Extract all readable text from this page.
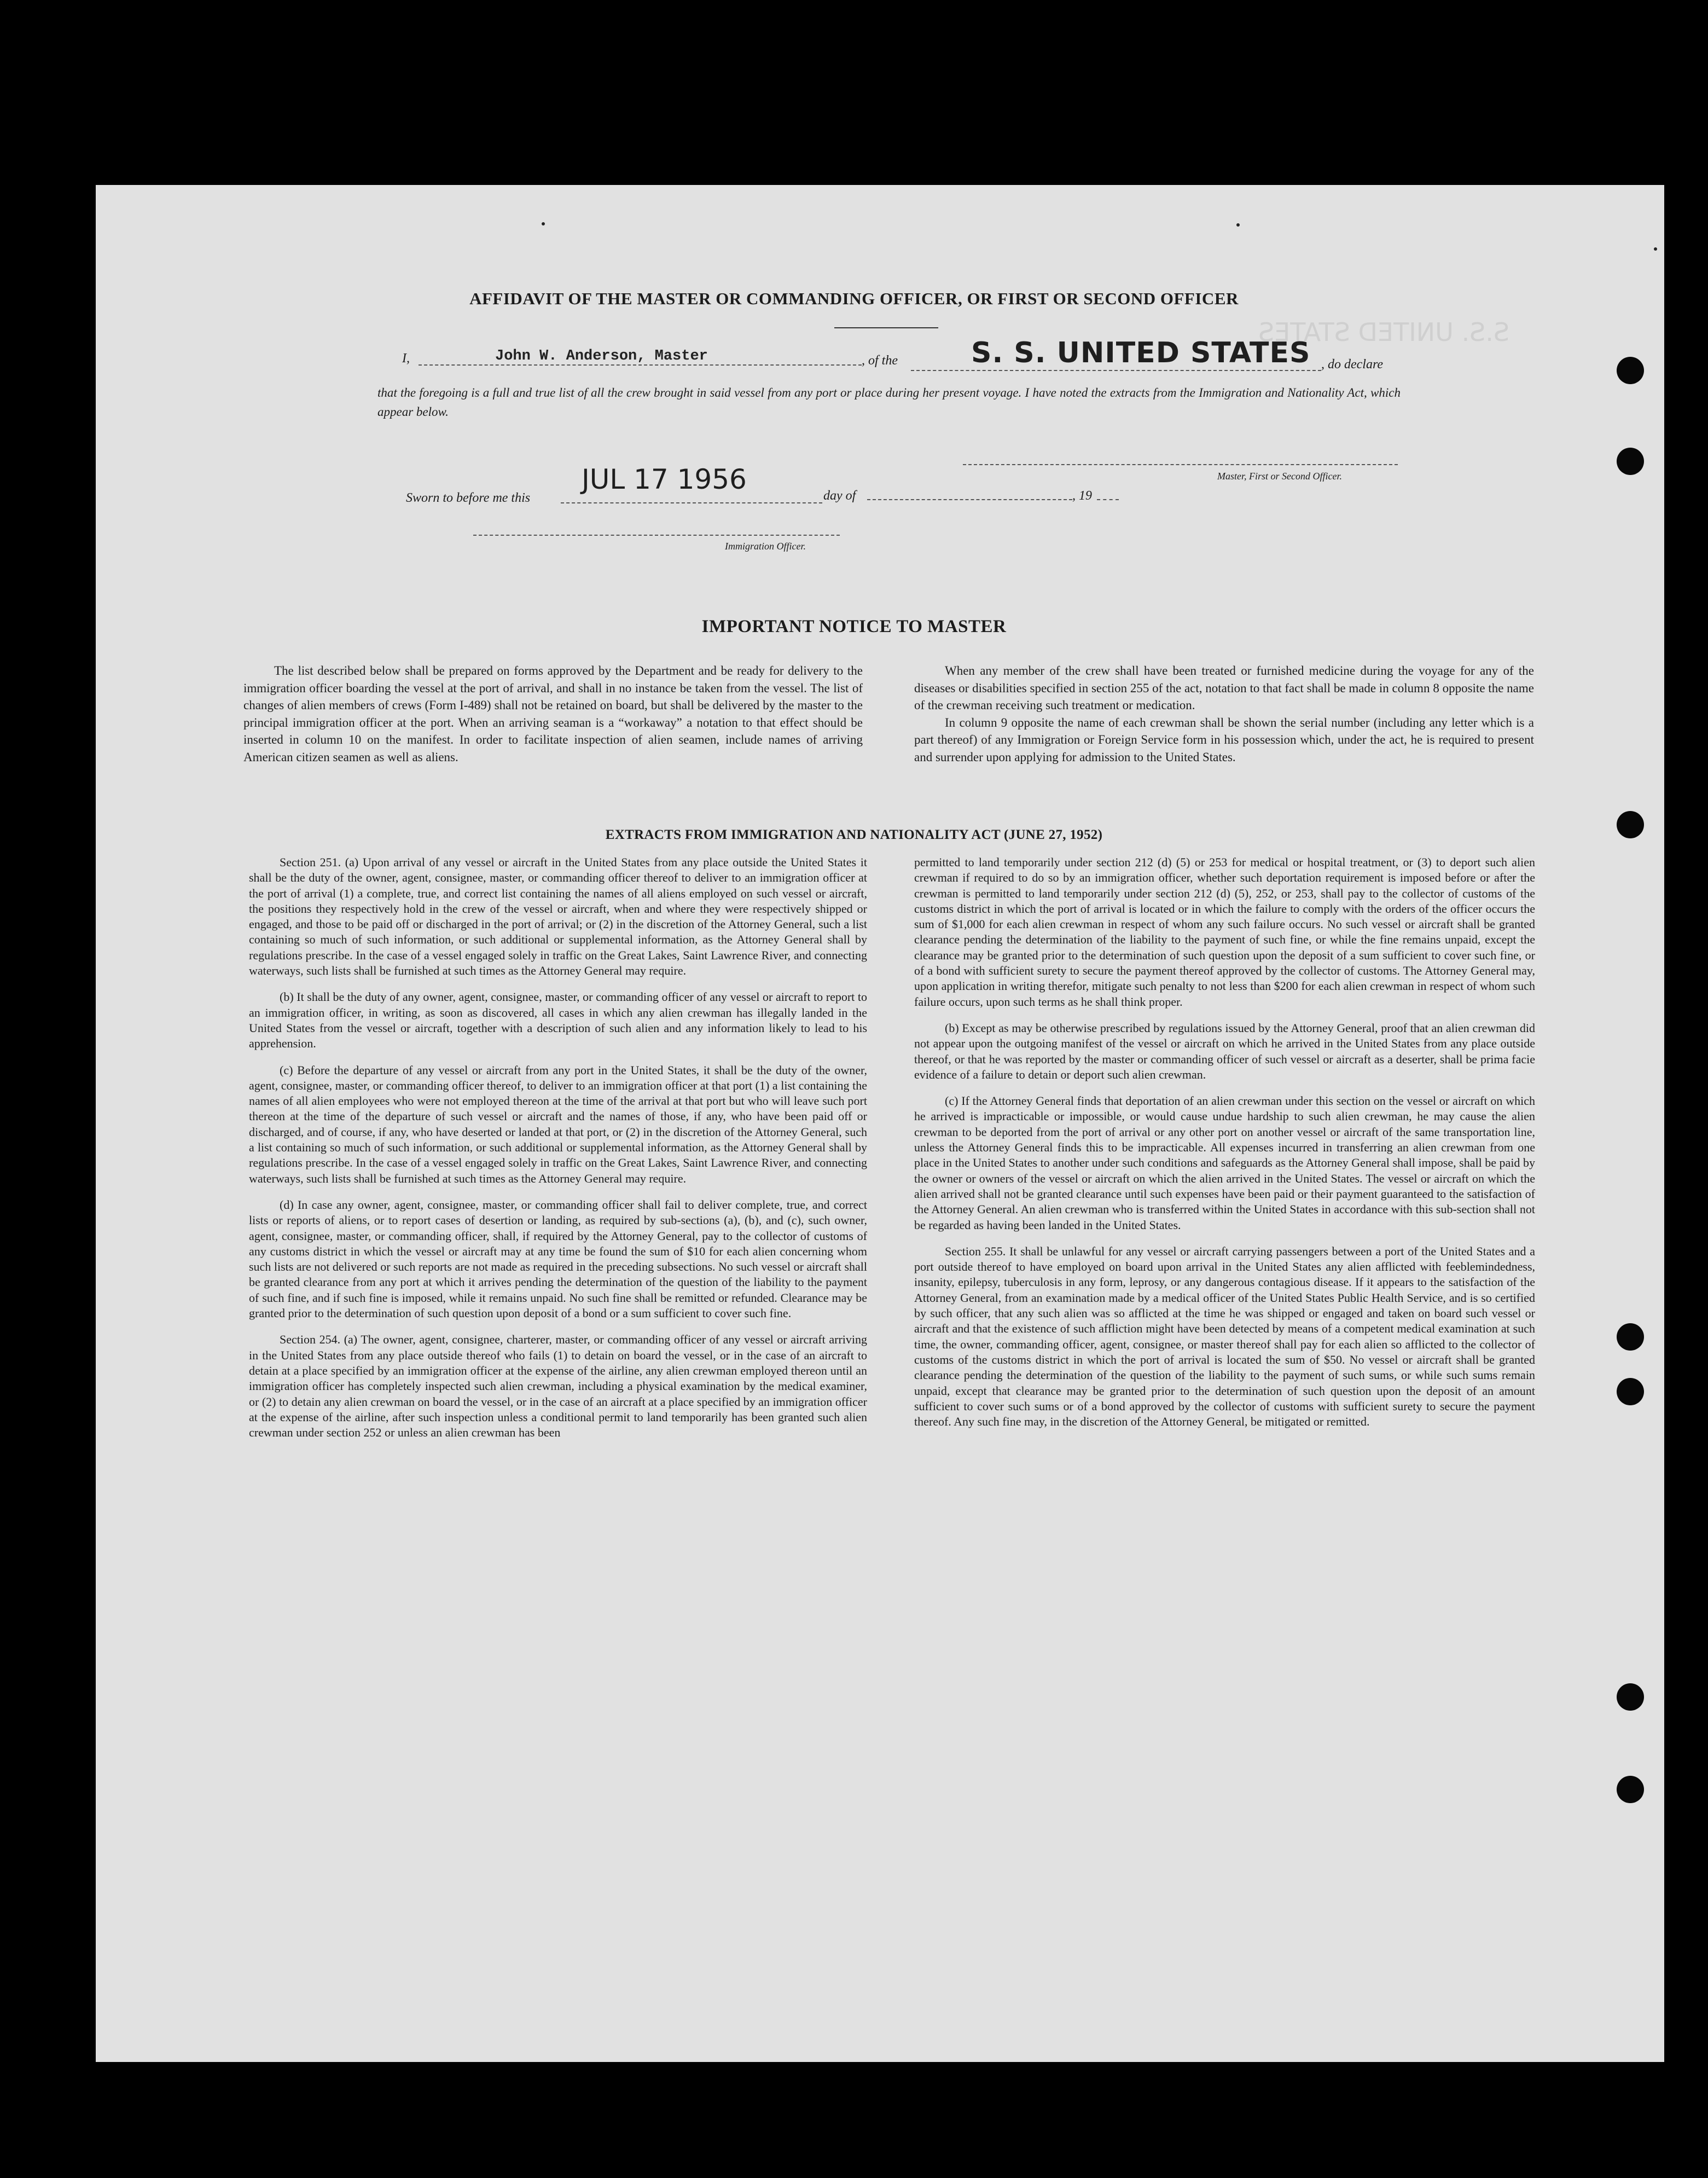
S.S. UNITED STATES
AFFIDAVIT OF THE MASTER OR COMMANDING OFFICER, OR FIRST OR SECOND OFFICER
I,	John W. Anderson, Master	, of the	S. S. UNITED STATES , do declare
that the foregoing is a full and true list of all the crew brought in said vessel from any port or place during her present voyage. I have noted the extracts from the Immigration and Nationality Act, which appear below.
Master, First or Second Officer.
Sworn to before me this
JUL 17 1956
day of	, 19
Immigration Officer.
IMPORTANT NOTICE TO MASTER

The list described below shall be prepared on forms approved by the Department and be ready for delivery to the immigration officer boarding the vessel at the port of arrival, and shall in no instance be taken from the vessel. The list of changes of alien members of crews (Form I-489) shall not be retained on board, but shall be delivered by the master to the principal immigration officer at the port. When an arriving seaman is a “workaway” a notation to that effect should be inserted in column 10 on the manifest. In order to facilitate inspection of alien seamen, include names of arriving American citizen seamen as well as aliens.

When any member of the crew shall have been treated or furnished medicine during the voyage for any of the diseases or disabilities specified in section 255 of the act, notation to that fact shall be made in column 8 opposite the name of the crewman receiving such treatment or medication.

In column 9 opposite the name of each crewman shall be shown the serial number (including any letter which is a part thereof) of any Immigration or Foreign Service form in his possession which, under the act, he is required to present and surrender upon applying for admission to the United States.

EXTRACTS FROM IMMIGRATION AND NATIONALITY ACT (JUNE 27, 1952)

Section 251. (a) Upon arrival of any vessel or aircraft in the United States from any place outside the United States it shall be the duty of the owner, agent, consignee, master, or commanding officer thereof to deliver to an immigration officer at the port of arrival (1) a complete, true, and correct list containing the names of all aliens employed on such vessel or aircraft, the positions they respectively hold in the crew of the vessel or aircraft, when and where they were respectively shipped or engaged, and those to be paid off or discharged in the port of arrival; or (2) in the discretion of the Attorney General, such a list containing so much of such information, or such additional or supplemental information, as the Attorney General shall by regulations prescribe. In the case of a vessel engaged solely in traffic on the Great Lakes, Saint Lawrence River, and connecting waterways, such lists shall be furnished at such times as the Attorney General may require.

(b) It shall be the duty of any owner, agent, consignee, master, or commanding officer of any vessel or aircraft to report to an immigration officer, in writing, as soon as discovered, all cases in which any alien crewman has illegally landed in the United States from the vessel or aircraft, together with a description of such alien and any information likely to lead to his apprehension.

(c) Before the departure of any vessel or aircraft from any port in the United States, it shall be the duty of the owner, agent, consignee, master, or commanding officer thereof, to deliver to an immigration officer at that port (1) a list containing the names of all alien employees who were not employed thereon at the time of the arrival at that port but who will leave such port thereon at the time of the departure of such vessel or aircraft and the names of those, if any, who have been paid off or discharged, and of course, if any, who have deserted or landed at that port, or (2) in the discretion of the Attorney General, such a list containing so much of such information, or such additional or supplemental information, as the Attorney General shall by regulations prescribe. In the case of a vessel engaged solely in traffic on the Great Lakes, Saint Lawrence River, and connecting waterways, such lists shall be furnished at such times as the Attorney General may require.

(d) In case any owner, agent, consignee, master, or commanding officer shall fail to deliver complete, true, and correct lists or reports of aliens, or to report cases of desertion or landing, as required by sub-sections (a), (b), and (c), such owner, agent, consignee, master, or commanding officer, shall, if required by the Attorney General, pay to the collector of customs of any customs district in which the vessel or aircraft may at any time be found the sum of $10 for each alien concerning whom such lists are not delivered or such reports are not made as required in the preceding subsections. No such vessel or aircraft shall be granted clearance from any port at which it arrives pending the determination of the question of the liability to the payment of such fine, and if such fine is imposed, while it remains unpaid. No such fine shall be remitted or refunded. Clearance may be granted prior to the determination of such question upon deposit of a bond or a sum sufficient to cover such fine.

Section 254. (a) The owner, agent, consignee, charterer, master, or commanding officer of any vessel or aircraft arriving in the United States from any place outside thereof who fails (1) to detain on board the vessel, or in the case of an aircraft to detain at a place specified by an immigration officer at the expense of the airline, any alien crewman employed thereon until an immigration officer has completely inspected such alien crewman, including a physical examination by the medical examiner, or (2) to detain any alien crewman on board the vessel, or in the case of an aircraft at a place specified by an immigration officer at the expense of the airline, after such inspection unless a conditional permit to land temporarily has been granted such alien crewman under section 252 or unless an alien crewman has been

permitted to land temporarily under section 212 (d) (5) or 253 for medical or hospital treatment, or (3) to deport such alien crewman if required to do so by an immigration officer, whether such deportation requirement is imposed before or after the crewman is permitted to land temporarily under section 212 (d) (5), 252, or 253, shall pay to the collector of customs of the customs district in which the port of arrival is located or in which the failure to comply with the orders of the officer occurs the sum of $1,000 for each alien crewman in respect of whom any such failure occurs. No such vessel or aircraft shall be granted clearance pending the determination of the liability to the payment of such fine, or while the fine remains unpaid, except the clearance may be granted prior to the determination of such question upon the deposit of a sum sufficient to cover such fine, or of a bond with sufficient surety to secure the payment thereof approved by the collector of customs. The Attorney General may, upon application in writing therefor, mitigate such penalty to not less than $200 for each alien crewman in respect of whom such failure occurs, upon such terms as he shall think proper.

(b) Except as may be otherwise prescribed by regulations issued by the Attorney General, proof that an alien crewman did not appear upon the outgoing manifest of the vessel or aircraft on which he arrived in the United States from any place outside thereof, or that he was reported by the master or commanding officer of such vessel or aircraft as a deserter, shall be prima facie evidence of a failure to detain or deport such alien crewman.

(c) If the Attorney General finds that deportation of an alien crewman under this section on the vessel or aircraft on which he arrived is impracticable or impossible, or would cause undue hardship to such alien crewman, he may cause the alien crewman to be deported from the port of arrival or any other port on another vessel or aircraft of the same transportation line, unless the Attorney General finds this to be impracticable. All expenses incurred in transferring an alien crewman from one place in the United States to another under such conditions and safeguards as the Attorney General shall impose, shall be paid by the owner or owners of the vessel or aircraft on which the alien arrived in the United States. The vessel or aircraft on which the alien arrived shall not be granted clearance until such expenses have been paid or their payment guaranteed to the satisfaction of the Attorney General. An alien crewman who is transferred within the United States in accordance with this sub-section shall not be regarded as having been landed in the United States.

Section 255. It shall be unlawful for any vessel or aircraft carrying passengers between a port of the United States and a port outside thereof to have employed on board upon arrival in the United States any alien afflicted with feeblemindedness, insanity, epilepsy, tuberculosis in any form, leprosy, or any dangerous contagious disease. If it appears to the satisfaction of the Attorney General, from an examination made by a medical officer of the United States Public Health Service, and is so certified by such officer, that any such alien was so afflicted at the time he was shipped or engaged and taken on board such vessel or aircraft and that the existence of such affliction might have been detected by means of a competent medical examination at such time, the owner, commanding officer, agent, consignee, or master thereof shall pay for each alien so afflicted to the collector of customs of the customs district in which the port of arrival is located the sum of $50. No vessel or aircraft shall be granted clearance pending the determination of the question of the liability to the payment of such sums, or while such sums remain unpaid, except that clearance may be granted prior to the determination of such question upon the deposit of an amount sufficient to cover such sums or of a bond approved by the collector of customs with sufficient surety to secure the payment thereof. Any such fine may, in the discretion of the Attorney General, be mitigated or remitted.
